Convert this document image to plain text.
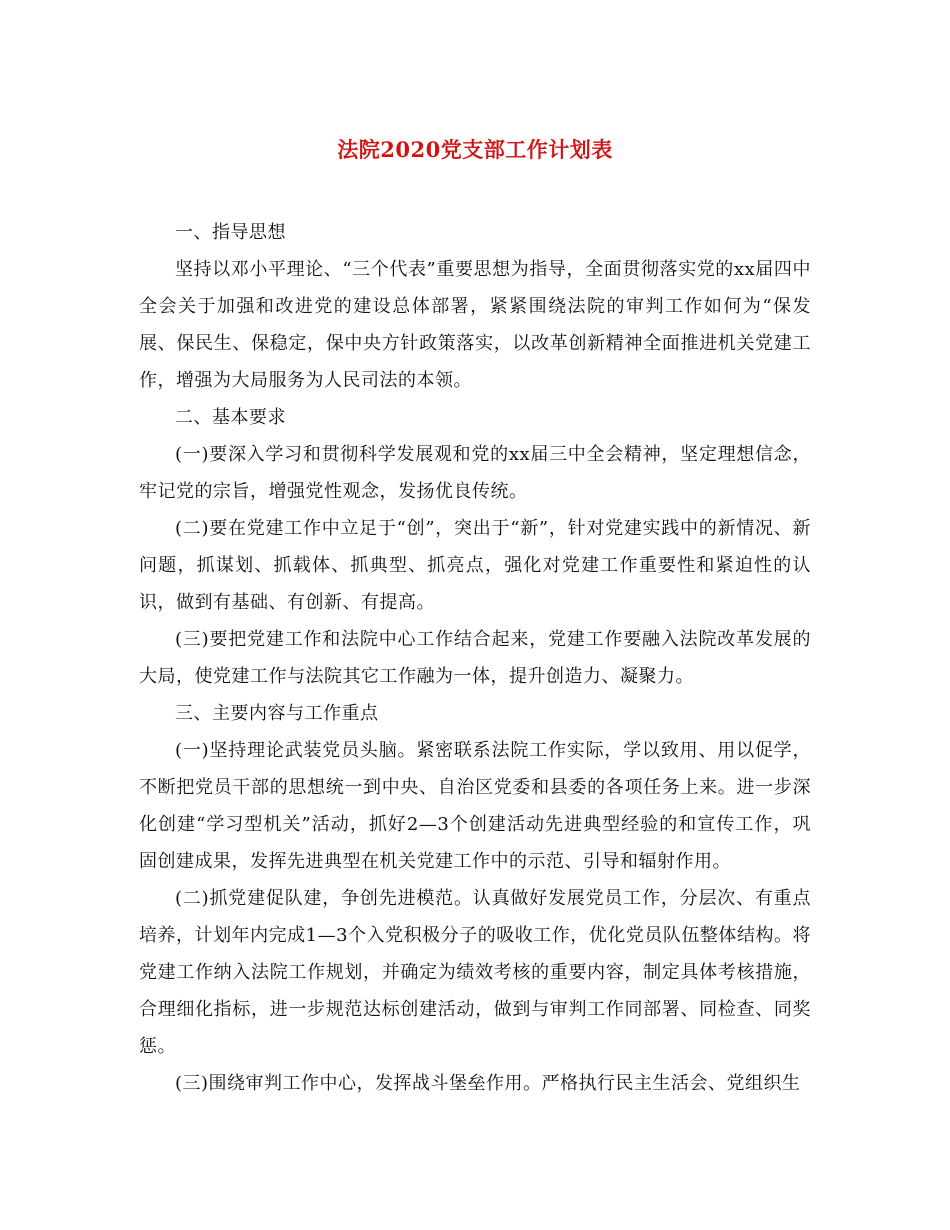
法院2020党支部工作计划表

一、指导思想

坚持以邓小平理论、“三个代表”重要思想为指导，全面贯彻落实党的xx届四中全会关于加强和改进党的建设总体部署，紧紧围绕法院的审判工作如何为“保发展、保民生、保稳定，保中央方针政策落实，以改革创新精神全面推进机关党建工作，增强为大局服务为人民司法的本领。

二、基本要求

(一)要深入学习和贯彻科学发展观和党的xx届三中全会精神，坚定理想信念，牢记党的宗旨，增强党性观念，发扬优良传统。

(二)要在党建工作中立足于“创”，突出于“新”，针对党建实践中的新情况、新问题，抓谋划、抓载体、抓典型、抓亮点，强化对党建工作重要性和紧迫性的认识，做到有基础、有创新、有提高。

(三)要把党建工作和法院中心工作结合起来，党建工作要融入法院改革发展的大局，使党建工作与法院其它工作融为一体，提升创造力、凝聚力。

三、主要内容与工作重点

(一)坚持理论武装党员头脑。紧密联系法院工作实际，学以致用、用以促学，不断把党员干部的思想统一到中央、自治区党委和县委的各项任务上来。进一步深化创建“学习型机关”活动，抓好2—3个创建活动先进典型经验的和宣传工作，巩固创建成果，发挥先进典型在机关党建工作中的示范、引导和辐射作用。

(二)抓党建促队建，争创先进模范。认真做好发展党员工作，分层次、有重点培养，计划年内完成1—3个入党积极分子的吸收工作，优化党员队伍整体结构。将党建工作纳入法院工作规划，并确定为绩效考核的重要内容，制定具体考核措施，合理细化指标，进一步规范达标创建活动，做到与审判工作同部署、同检查、同奖惩。

(三)围绕审判工作中心，发挥战斗堡垒作用。严格执行民主生活会、党组织生
